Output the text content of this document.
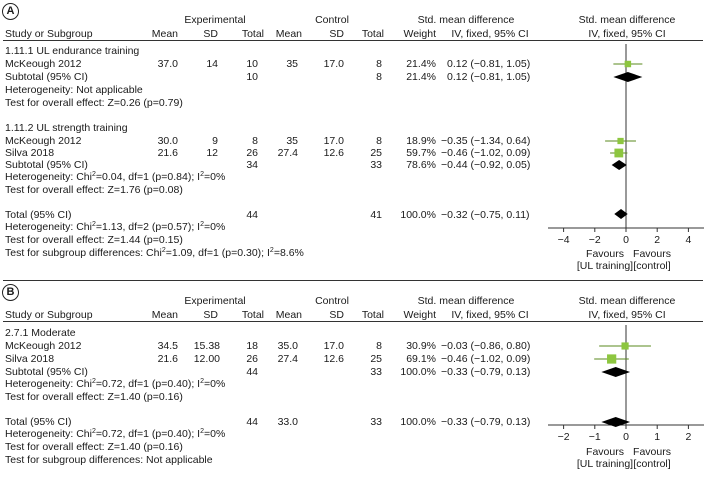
A
Experimental	Control	Std. mean difference	Std. mean difference
Study or Subgroup	Mean	SD	Total	Mean	SD	Total	Weight	IV, fixed, 95% CI	IV, fixed, 95% CI
1.11.1 UL endurance training
McKeough 2012	37.0	14	10	35	17.0	8	21.4% 0.12 (−0.81, 1.05)
Subtotal (95% CI)	10	8	21.4% 0.12 (−0.81, 1.05)
Heterogeneity: Not applicable
Test for overall effect: Z=0.26 (p=0.79)
1.11.2 UL strength training
McKeough 2012	30.0	9	8	35	17.0	8	18.9% −0.35 (−1.34, 0.64)
Silva 2018	21.6	12	26	27.4	12.6	25	59.7% −0.46 (−1.02, 0.09)
Subtotal (95% CI)	34	33	78.6% −0.44 (−0.92, 0.05)
Heterogeneity: Chi$^2$=0.04, df=1 (p=0.84); $I^2=0\%$
Test for overall effect: Z=1.76 (p=0.08)
Total (95% CI)	44	41 100.0% −0.32 (−0.75, 0.11)
Heterogeneity: Chi$^2$=1.13, df=2 (p=0.57); $I^2=0\%$
Test for overall effect: Z=1.44 (p=0.15)
Test for subgroup differences: Chi$^2$=1.09, df=1 (p=0.30); $I^2=8.6\%$
B
Experimental	Control	Std. mean difference	Std. mean difference
Study or Subgroup	Mean	SD	Total	Mean	SD	Total	Weight	IV, fixed, 95% CI	IV, fixed, 95% CI
2.7.1 Moderate
McKeough 2012	34.5	15.38	18	35.0	17.0	8	30.9% −0.03 (−0.86, 0.80)
Silva 2018	21.6	12.00	26	27.4	12.6	25	69.1% −0.46 (−1.02, 0.09)
Subtotal (95% CI)	44	33 100.0% −0.33 (−0.79, 0.13)
Heterogeneity: Chi$^2$=0.72, df=1 (p=0.40); $I^2=0\%$
Test for overall effect: Z=1.40 (p=0.16)
Total (95% CI)	44	33.0	33 100.0% −0.33 (−0.79, 0.13)
Heterogeneity: Chi$^2$=0.72, df=1 (p=0.40); $I^2=0\%$
Test for overall effect: Z=1.40 (p=0.16)
Test for subgroup differences: Not applicable
−4 −2 0 2 4
Favours
[UL training]
Favours
[control]
−2 −1 0 1 2
Favours
[UL training]
Favours
[control]
